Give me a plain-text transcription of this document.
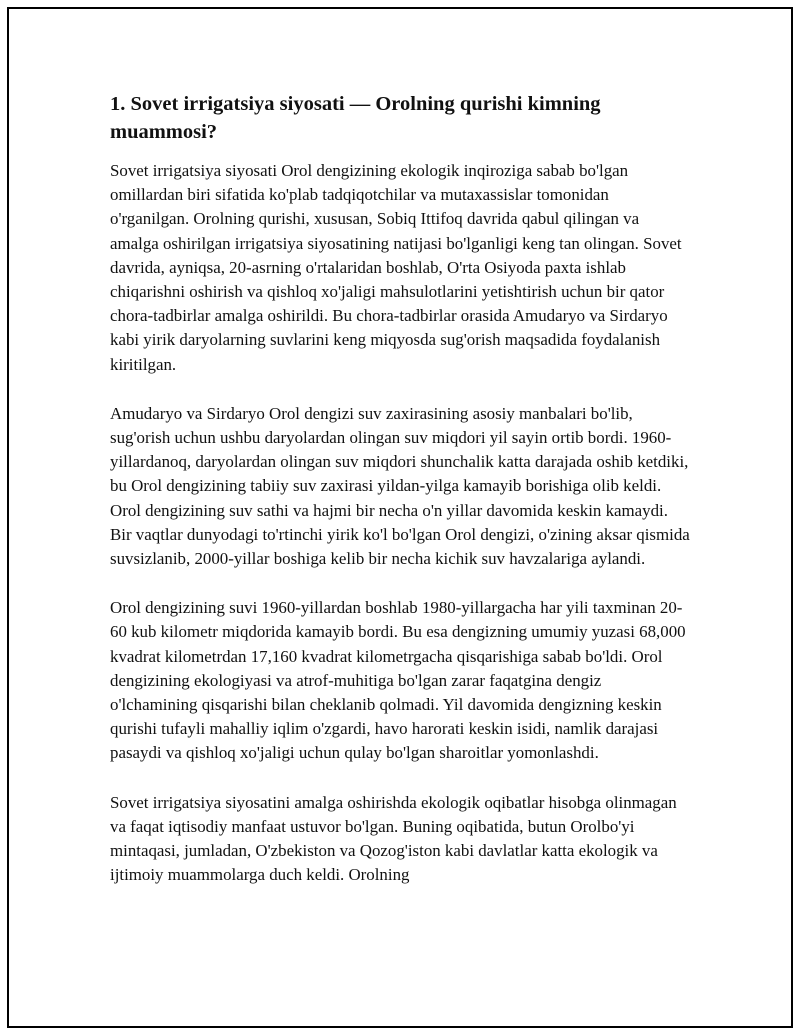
1. Sovet irrigatsiya siyosati — Orolning qurishi kimning muammosi?

Sovet irrigatsiya siyosati Orol dengizining ekologik inqiroziga sabab bo'lgan omillardan biri sifatida ko'plab tadqiqotchilar va mutaxassislar tomonidan o'rganilgan. Orolning qurishi, xususan, Sobiq Ittifoq davrida qabul qilingan va amalga oshirilgan irrigatsiya siyosatining natijasi bo'lganligi keng tan olingan. Sovet davrida, ayniqsa, 20-asrning o'rtalaridan boshlab, O'rta Osiyoda paxta ishlab chiqarishni oshirish va qishloq xo'jaligi mahsulotlarini yetishtirish uchun bir qator chora-tadbirlar amalga oshirildi. Bu chora-tadbirlar orasida Amudaryo va Sirdaryo kabi yirik daryolarning suvlarini keng miqyosda sug'orish maqsadida foydalanish kiritilgan.

Amudaryo va Sirdaryo Orol dengizi suv zaxirasining asosiy manbalari bo'lib, sug'orish uchun ushbu daryolardan olingan suv miqdori yil sayin ortib bordi. 1960-yillardanoq, daryolardan olingan suv miqdori shunchalik katta darajada oshib ketdiki, bu Orol dengizining tabiiy suv zaxirasi yildan-yilga kamayib borishiga olib keldi. Orol dengizining suv sathi va hajmi bir necha o'n yillar davomida keskin kamaydi. Bir vaqtlar dunyodagi to'rtinchi yirik ko'l bo'lgan Orol dengizi, o'zining aksar qismida suvsizlanib, 2000-yillar boshiga kelib bir necha kichik suv havzalariga aylandi.

Orol dengizining suvi 1960-yillardan boshlab 1980-yillargacha har yili taxminan 20-60 kub kilometr miqdorida kamayib bordi. Bu esa dengizning umumiy yuzasi 68,000 kvadrat kilometrdan 17,160 kvadrat kilometrgacha qisqarishiga sabab bo'ldi. Orol dengizining ekologiyasi va atrof-muhitiga bo'lgan zarar faqatgina dengiz o'lchamining qisqarishi bilan cheklanib qolmadi. Yil davomida dengizning keskin qurishi tufayli mahalliy iqlim o'zgardi, havo harorati keskin isidi, namlik darajasi pasaydi va qishloq xo'jaligi uchun qulay bo'lgan sharoitlar yomonlashdi.

Sovet irrigatsiya siyosatini amalga oshirishda ekologik oqibatlar hisobga olinmagan va faqat iqtisodiy manfaat ustuvor bo'lgan. Buning oqibatida, butun Orolbo'yi mintaqasi, jumladan, O'zbekiston va Qozog'iston kabi davlatlar katta ekologik va ijtimoiy muammolarga duch keldi. Orolning
